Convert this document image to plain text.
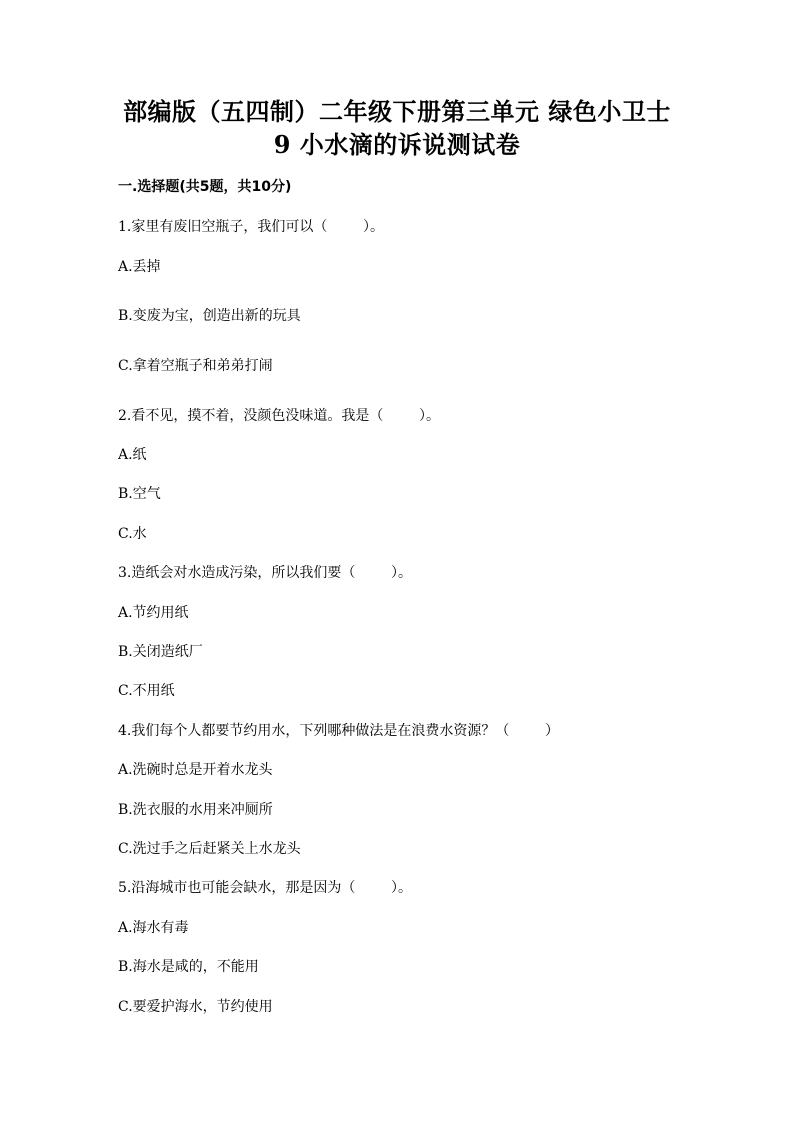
部编版（五四制）二年级下册第三单元 绿色小卫士
9 小水滴的诉说测试卷
一.选择题(共5题，共10分)
1.家里有废旧空瓶子，我们可以（        ）。
A.丢掉
B.变废为宝，创造出新的玩具
C.拿着空瓶子和弟弟打闹
2.看不见，摸不着，没颜色没味道。我是（        ）。
A.纸
B.空气
C.水
3.造纸会对水造成污染，所以我们要（        ）。
A.节约用纸
B.关闭造纸厂
C.不用纸
4.我们每个人都要节约用水，下列哪种做法是在浪费水资源？（        ）
A.洗碗时总是开着水龙头
B.洗衣服的水用来冲厕所
C.洗过手之后赶紧关上水龙头
5.沿海城市也可能会缺水，那是因为（        ）。
A.海水有毒
B.海水是咸的，不能用
C.要爱护海水，节约使用
